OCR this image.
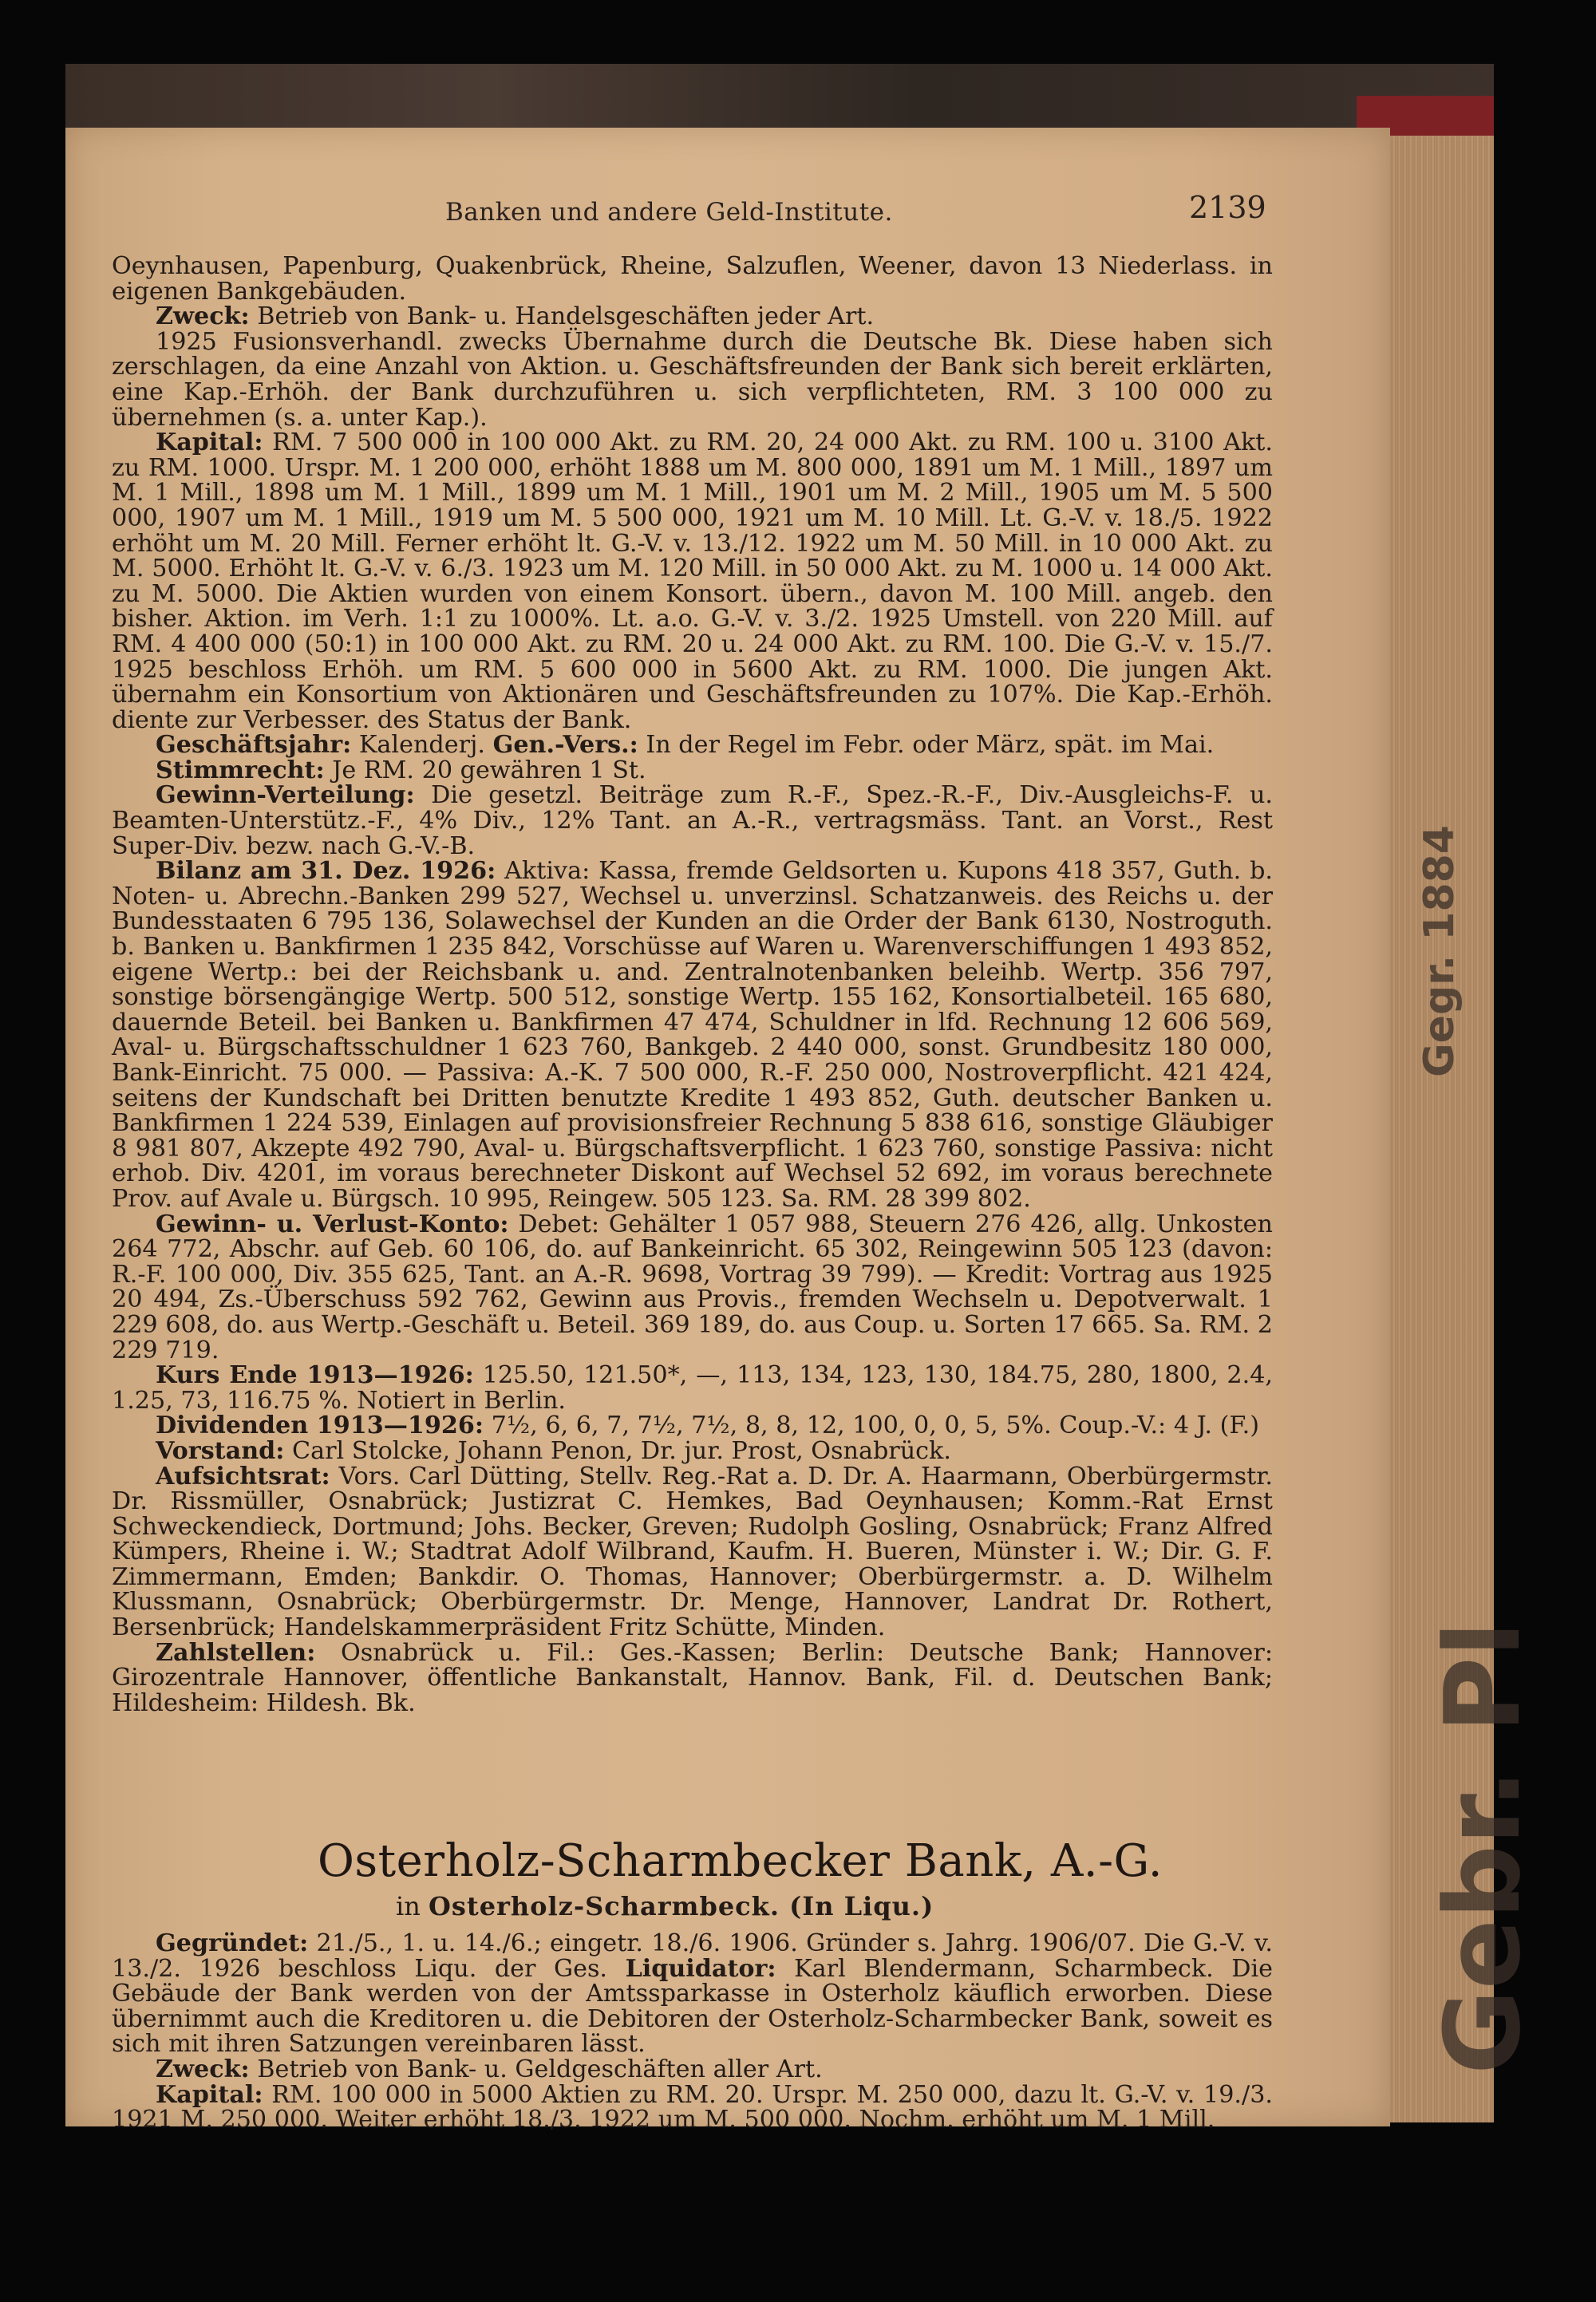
Gegr. 1884
Gebr. Pl
Banken und andere Geld-Institute.	2139

Oeynhausen, Papenburg, Quakenbrück, Rheine, Salzuflen, Weener, davon 13 Niederlass. in eigenen Bankgebäuden.

Zweck: Betrieb von Bank- u. Handelsgeschäften jeder Art.

1925 Fusionsverhandl. zwecks Übernahme durch die Deutsche Bk. Diese haben sich zerschlagen, da eine Anzahl von Aktion. u. Geschäftsfreunden der Bank sich bereit erklärten, eine Kap.-Erhöh. der Bank durchzuführen u. sich verpflichteten, RM. 3 100 000 zu übernehmen (s. a. unter Kap.).

Kapital: RM. 7 500 000 in 100 000 Akt. zu RM. 20, 24 000 Akt. zu RM. 100 u. 3100 Akt. zu RM. 1000. Urspr. M. 1 200 000, erhöht 1888 um M. 800 000, 1891 um M. 1 Mill., 1897 um M. 1 Mill., 1898 um M. 1 Mill., 1899 um M. 1 Mill., 1901 um M. 2 Mill., 1905 um M. 5 500 000, 1907 um M. 1 Mill., 1919 um M. 5 500 000, 1921 um M. 10 Mill. Lt. G.-V. v. 18./5. 1922 erhöht um M. 20 Mill. Ferner erhöht lt. G.-V. v. 13./12. 1922 um M. 50 Mill. in 10 000 Akt. zu M. 5000. Erhöht lt. G.-V. v. 6./3. 1923 um M. 120 Mill. in 50 000 Akt. zu M. 1000 u. 14 000 Akt. zu M. 5000. Die Aktien wurden von einem Konsort. übern., davon M. 100 Mill. angeb. den bisher. Aktion. im Verh. 1:1 zu 1000%. Lt. a.o. G.-V. v. 3./2. 1925 Umstell. von 220 Mill. auf RM. 4 400 000 (50:1) in 100 000 Akt. zu RM. 20 u. 24 000 Akt. zu RM. 100. Die G.-V. v. 15./7. 1925 beschloss Erhöh. um RM. 5 600 000 in 5600 Akt. zu RM. 1000. Die jungen Akt. übernahm ein Konsortium von Aktionären und Geschäftsfreunden zu 107%. Die Kap.-Erhöh. diente zur Verbesser. des Status der Bank.

Geschäftsjahr: Kalenderj. Gen.-Vers.: In der Regel im Febr. oder März, spät. im Mai.

Stimmrecht: Je RM. 20 gewähren 1 St.

Gewinn-Verteilung: Die gesetzl. Beiträge zum R.-F., Spez.-R.-F., Div.-Ausgleichs-F. u. Beamten-Unterstütz.-F., 4% Div., 12% Tant. an A.-R., vertragsmäss. Tant. an Vorst., Rest Super-Div. bezw. nach G.-V.-B.

Bilanz am 31. Dez. 1926: Aktiva: Kassa, fremde Geldsorten u. Kupons 418 357, Guth. b. Noten- u. Abrechn.-Banken 299 527, Wechsel u. unverzinsl. Schatzanweis. des Reichs u. der Bundesstaaten 6 795 136, Solawechsel der Kunden an die Order der Bank 6130, Nostroguth. b. Banken u. Bankfirmen 1 235 842, Vorschüsse auf Waren u. Warenverschiffungen 1 493 852, eigene Wertp.: bei der Reichsbank u. and. Zentralnotenbanken beleihb. Wertp. 356 797, sonstige börsengängige Wertp. 500 512, sonstige Wertp. 155 162, Konsortialbeteil. 165 680, dauernde Beteil. bei Banken u. Bankfirmen 47 474, Schuldner in lfd. Rechnung 12 606 569, Aval- u. Bürgschaftsschuldner 1 623 760, Bankgeb. 2 440 000, sonst. Grundbesitz 180 000, Bank-Einricht. 75 000. — Passiva: A.-K. 7 500 000, R.-F. 250 000, Nostroverpflicht. 421 424, seitens der Kundschaft bei Dritten benutzte Kredite 1 493 852, Guth. deutscher Banken u. Bankfirmen 1 224 539, Einlagen auf provisionsfreier Rechnung 5 838 616, sonstige Gläubiger 8 981 807, Akzepte 492 790, Aval- u. Bürgschaftsverpflicht. 1 623 760, sonstige Passiva: nicht erhob. Div. 4201, im voraus berechneter Diskont auf Wechsel 52 692, im voraus berechnete Prov. auf Avale u. Bürgsch. 10 995, Reingew. 505 123. Sa. RM. 28 399 802.

Gewinn- u. Verlust-Konto: Debet: Gehälter 1 057 988, Steuern 276 426, allg. Unkosten 264 772, Abschr. auf Geb. 60 106, do. auf Bankeinricht. 65 302, Reingewinn 505 123 (davon: R.-F. 100 000, Div. 355 625, Tant. an A.-R. 9698, Vortrag 39 799). — Kredit: Vortrag aus 1925 20 494, Zs.-Überschuss 592 762, Gewinn aus Provis., fremden Wechseln u. Depotverwalt. 1 229 608, do. aus Wertp.-Geschäft u. Beteil. 369 189, do. aus Coup. u. Sorten 17 665. Sa. RM. 2 229 719.

Kurs Ende 1913—1926: 125.50, 121.50*, —, 113, 134, 123, 130, 184.75, 280, 1800, 2.4, 1.25, 73, 116.75 %. Notiert in Berlin.

Dividenden 1913—1926: 7½, 6, 6, 7, 7½, 7½, 8, 8, 12, 100, 0, 0, 5, 5%. Coup.-V.: 4 J. (F.)

Vorstand: Carl Stolcke, Johann Penon, Dr. jur. Prost, Osnabrück.

Aufsichtsrat: Vors. Carl Dütting, Stellv. Reg.-Rat a. D. Dr. A. Haarmann, Oberbürgermstr. Dr. Rissmüller, Osnabrück; Justizrat C. Hemkes, Bad Oeynhausen; Komm.-Rat Ernst Schweckendieck, Dortmund; Johs. Becker, Greven; Rudolph Gosling, Osnabrück; Franz Alfred Kümpers, Rheine i. W.; Stadtrat Adolf Wilbrand, Kaufm. H. Bueren, Münster i. W.; Dir. G. F. Zimmermann, Emden; Bankdir. O. Thomas, Hannover; Oberbürgermstr. a. D. Wilhelm Klussmann, Osnabrück; Oberbürgermstr. Dr. Menge, Hannover, Landrat Dr. Rothert, Bersenbrück; Handelskammerpräsident Fritz Schütte, Minden.

Zahlstellen: Osnabrück u. Fil.: Ges.-Kassen; Berlin: Deutsche Bank; Hannover: Girozentrale Hannover, öffentliche Bankanstalt, Hannov. Bank, Fil. d. Deutschen Bank; Hildesheim: Hildesh. Bk.

Osterholz-Scharmbecker Bank, A.-G.
in Osterholz-Scharmbeck. (In Liqu.)

Gegründet: 21./5., 1. u. 14./6.; eingetr. 18./6. 1906. Gründer s. Jahrg. 1906/07. Die G.-V. v. 13./2. 1926 beschloss Liqu. der Ges. Liquidator: Karl Blendermann, Scharmbeck. Die Gebäude der Bank werden von der Amtssparkasse in Osterholz käuflich erworben. Diese übernimmt auch die Kreditoren u. die Debitoren der Osterholz-Scharmbecker Bank, soweit es sich mit ihren Satzungen vereinbaren lässt.

Zweck: Betrieb von Bank- u. Geldgeschäften aller Art.

Kapital: RM. 100 000 in 5000 Aktien zu RM. 20. Urspr. M. 250 000, dazu lt. G.-V. v. 19./3. 1921 M. 250 000. Weiter erhöht 18./3. 1922 um M. 500 000. Nochm. erhöht um M. 1 Mill.
